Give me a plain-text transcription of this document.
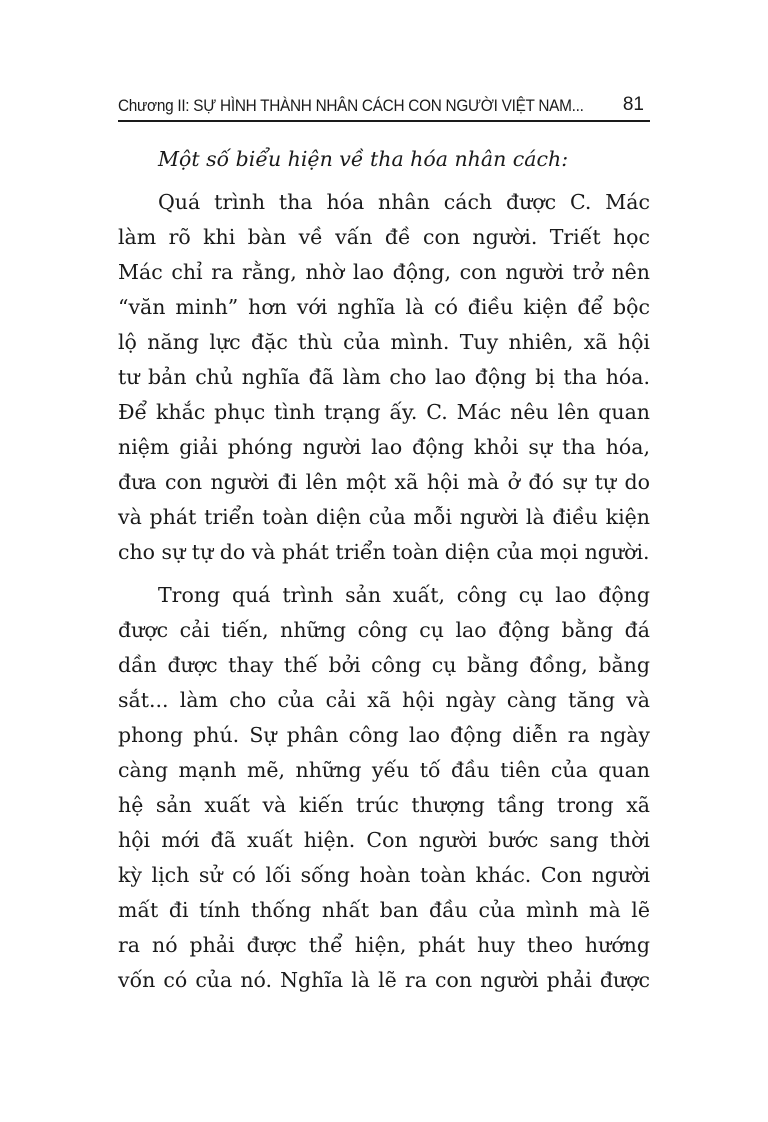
Chương II: SỰ HÌNH THÀNH NHÂN CÁCH CON NGƯỜI VIỆT NAM... 81

Một số biểu hiện về tha hóa nhân cách:

Quá trình tha hóa nhân cách được C. Mác
làm rõ khi bàn về vấn đề con người. Triết học
Mác chỉ ra rằng, nhờ lao động, con người trở nên
“văn minh” hơn với nghĩa là có điều kiện để bộc
lộ năng lực đặc thù của mình. Tuy nhiên, xã hội
tư bản chủ nghĩa đã làm cho lao động bị tha hóa.
Để khắc phục tình trạng ấy. C. Mác nêu lên quan
niệm giải phóng người lao động khỏi sự tha hóa,
đưa con người đi lên một xã hội mà ở đó sự tự do
và phát triển toàn diện của mỗi người là điều kiện
cho sự tự do và phát triển toàn diện của mọi người.

Trong quá trình sản xuất, công cụ lao động
được cải tiến, những công cụ lao động bằng đá
dần được thay thế bởi công cụ bằng đồng, bằng
sắt... làm cho của cải xã hội ngày càng tăng và
phong phú. Sự phân công lao động diễn ra ngày
càng mạnh mẽ, những yếu tố đầu tiên của quan
hệ sản xuất và kiến trúc thượng tầng trong xã
hội mới đã xuất hiện. Con người bước sang thời
kỳ lịch sử có lối sống hoàn toàn khác. Con người
mất đi tính thống nhất ban đầu của mình mà lẽ
ra nó phải được thể hiện, phát huy theo hướng
vốn có của nó. Nghĩa là lẽ ra con người phải được
